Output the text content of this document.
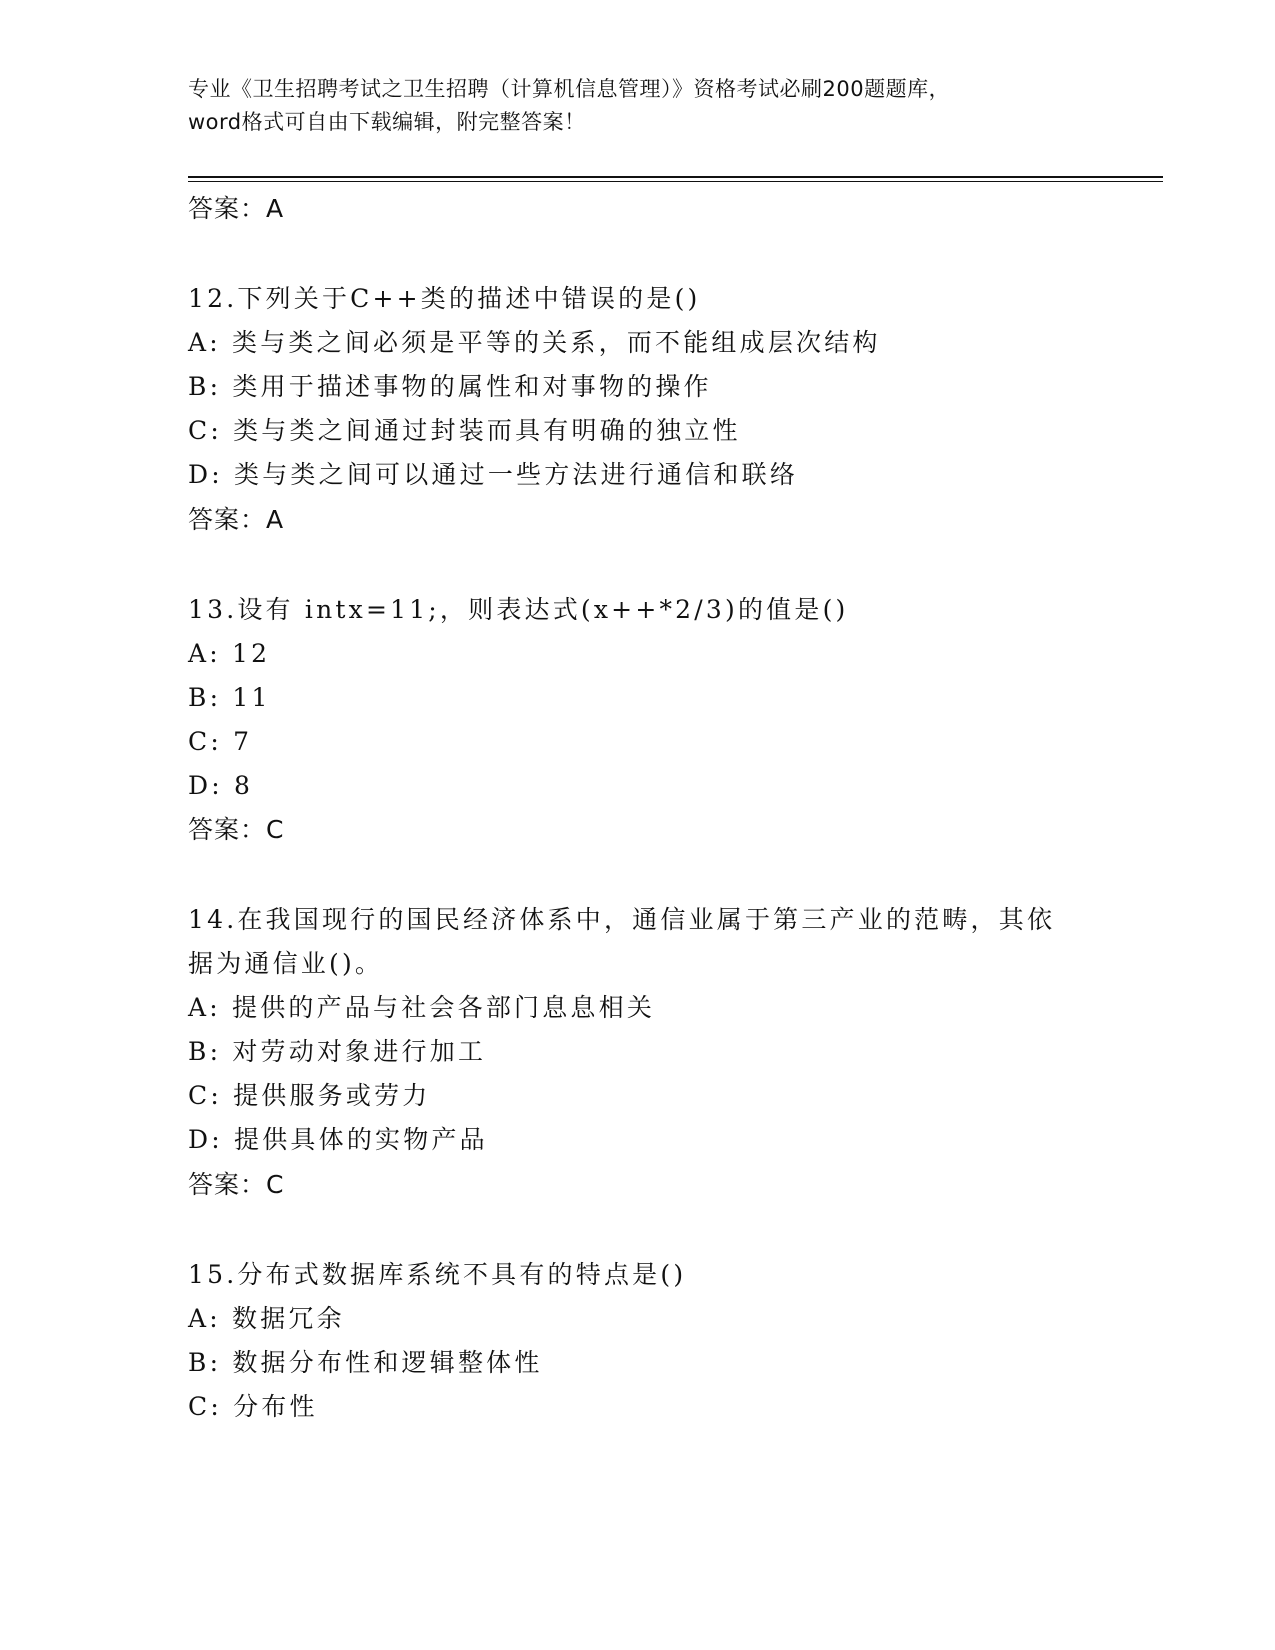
专业《卫生招聘考试之卫生招聘（计算机信息管理）》资格考试必刷200题题库，
word格式可自由下载编辑，附完整答案！
答案：A
12.下列关于C++类的描述中错误的是()
A: 类与类之间必须是平等的关系，而不能组成层次结构
B: 类用于描述事物的属性和对事物的操作
C: 类与类之间通过封装而具有明确的独立性
D: 类与类之间可以通过一些方法进行通信和联络
答案：A
13.设有 intx=11;，则表达式(x++*2/3)的值是()
A: 12
B: 11
C: 7
D: 8
答案：C
14.在我国现行的国民经济体系中，通信业属于第三产业的范畴，其依
据为通信业()。
A: 提供的产品与社会各部门息息相关
B: 对劳动对象进行加工
C: 提供服务或劳力
D: 提供具体的实物产品
答案：C
15.分布式数据库系统不具有的特点是()
A: 数据冗余
B: 数据分布性和逻辑整体性
C: 分布性
